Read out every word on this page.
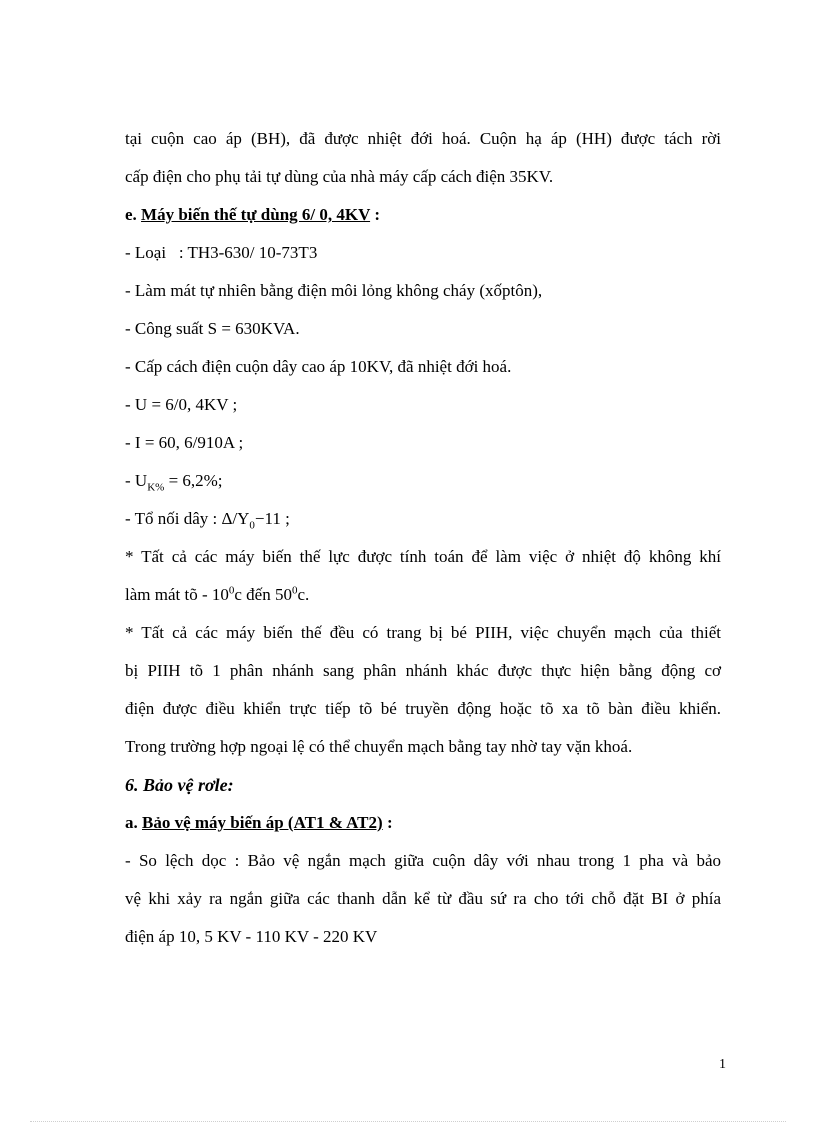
tại cuộn cao áp (BH), đã được nhiệt đới hoá. Cuộn hạ áp (HH) được tách rời

cấp điện cho phụ tải tự dùng của nhà máy cấp cách điện 35KV.

e. Máy biến thế tự dùng 6/ 0, 4KV :

- Loại   : TH3-630/ 10-73T3

- Làm mát tự nhiên bằng điện môi lỏng không cháy (xốptôn),

- Công suất S = 630KVA.

- Cấp cách điện cuộn dây cao áp 10KV, đã nhiệt đới hoá.

- U = 6/0, 4KV ;

- I = 60, 6/910A ;

- $U_{K\%} = 6,2\%$;

- Tổ nối dây : $\Delta/Y_0-11$ ;

* Tất cả các máy biến thế lực được tính toán để làm việc ở nhiệt độ không khí

làm mát tõ - $10^0c$ đến $50^0c$.

* Tất cả các máy biến thế đều có trang bị bé PIIH, việc chuyển mạch của thiết

bị PIIH tõ 1 phân nhánh sang phân nhánh khác được thực hiện bằng động cơ

điện được điều khiển trực tiếp tõ bé truyền động hoặc tõ xa tõ bàn điều khiển.

Trong trường hợp ngoại lệ có thể chuyển mạch bằng tay nhờ tay vặn khoá.

6. Bảo vệ rơle:

a. Bảo vệ máy biến áp (AT1 & AT2) :

- So lệch dọc : Bảo vệ ngắn mạch giữa cuộn dây với nhau trong 1 pha và bảo

vệ khi xảy ra ngắn giữa các thanh dẫn kể từ đầu sứ ra cho tới chỗ đặt BI ở phía

điện áp 10, 5 KV - 110 KV - 220 KV

1
